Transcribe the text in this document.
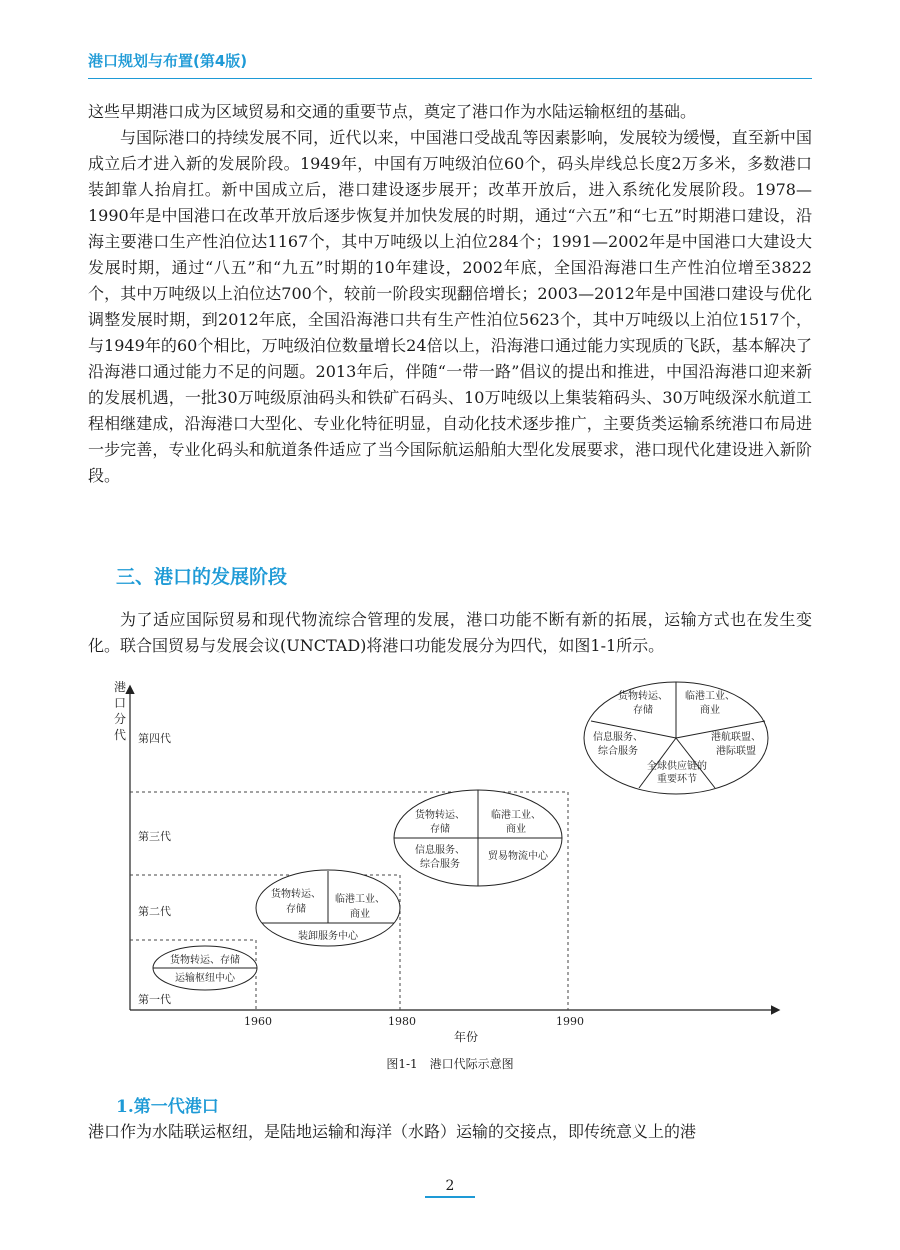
港口规划与布置(第4版)

这些早期港口成为区域贸易和交通的重要节点，奠定了港口作为水陆运输枢纽的基础。

与国际港口的持续发展不同，近代以来，中国港口受战乱等因素影响，发展较为缓慢，直至新中国成立后才进入新的发展阶段。1949年，中国有万吨级泊位60个，码头岸线总长度2万多米，多数港口装卸靠人抬肩扛。新中国成立后，港口建设逐步展开；改革开放后，进入系统化发展阶段。1978—1990年是中国港口在改革开放后逐步恢复并加快发展的时期，通过“六五”和“七五”时期港口建设，沿海主要港口生产性泊位达1167个，其中万吨级以上泊位284个；1991—2002年是中国港口大建设大发展时期，通过“八五”和“九五”时期的10年建设，2002年底，全国沿海港口生产性泊位增至3822个，其中万吨级以上泊位达700个，较前一阶段实现翻倍增长；2003—2012年是中国港口建设与优化调整发展时期，到2012年底，全国沿海港口共有生产性泊位5623个，其中万吨级以上泊位1517个，与1949年的60个相比，万吨级泊位数量增长24倍以上，沿海港口通过能力实现质的飞跃，基本解决了沿海港口通过能力不足的问题。2013年后，伴随“一带一路”倡议的提出和推进，中国沿海港口迎来新的发展机遇，一批30万吨级原油码头和铁矿石码头、10万吨级以上集装箱码头、30万吨级深水航道工程相继建成，沿海港口大型化、专业化特征明显，自动化技术逐步推广，主要货类运输系统港口布局进一步完善，专业化码头和航道条件适应了当今国际航运船舶大型化发展要求，港口现代化建设进入新阶段。

三、港口的发展阶段

为了适应国际贸易和现代物流综合管理的发展，港口功能不断有新的拓展，运输方式也在发生变化。联合国贸易与发展会议(UNCTAD)将港口功能发展分为四代，如图1-1所示。

港
口
分
代 第四代
第三代
第二代
第一代
1960	1980	1990
年份
货物转运、存储
运输枢纽中心
货物转运、
存储
临港工业、
商业
装卸服务中心
货物转运、
存储
临港工业、
商业
信息服务、
综合服务
贸易物流中心
货物转运、
存储
临港工业、
商业
信息服务、
综合服务
港航联盟、
港际联盟
全球供应链的
重要环节
图1-1　港口代际示意图
1.第一代港口

港口作为水陆联运枢纽，是陆地运输和海洋（水路）运输的交接点，即传统意义上的港

2
